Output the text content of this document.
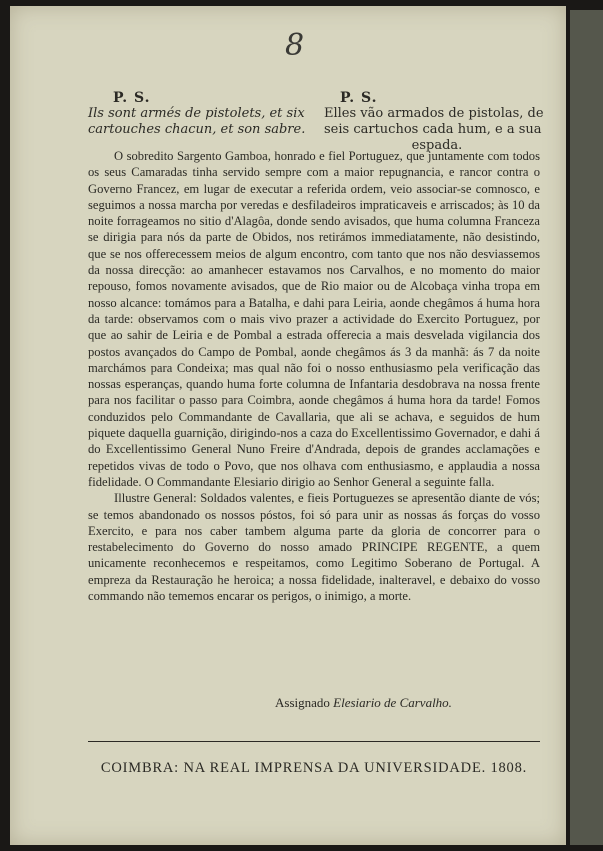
8
P. S.	P. S.
Ils sont armés de pistolets, et six cartouches chacun, et son sabre.
Elles vão armados de pistolas, de seis cartuchos cada hum, e a sua
espada.

O sobredito Sargento Gamboa, honrado e fiel Portuguez, que juntamente com todos os seus Camaradas tinha servido sempre com a maior repugnancia, e rancor contra o Governo Francez, em lugar de executar a referida ordem, veio associar-se comnosco, e seguimos a nossa marcha por veredas e desfiladeiros impraticaveis e arriscados; às 10 da noite forrageamos no sitio d'Alagôa, donde sendo avisados, que huma columna Franceza se dirigia para nós da parte de Obidos, nos retirámos immediatamente, não desistindo, que se nos offerecessem meios de algum encontro, com tanto que nos não desviassemos da nossa direcção: ao amanhecer estavamos nos Carvalhos, e no momento do maior repouso, fomos novamente avisados, que de Rio maior ou de Alcobaça vinha tropa em nosso alcance: tomámos para a Batalha, e dahi para Leiria, aonde chegâmos á huma hora da tarde: observamos com o mais vivo prazer a actividade do Exercito Portuguez, por que ao sahir de Leiria e de Pombal a estrada offerecia a mais desvelada vigilancia dos postos avançados do Campo de Pombal, aonde chegâmos ás 3 da manhã: ás 7 da noite marchámos para Condeixa; mas qual não foi o nosso enthusiasmo pela verificação das nossas esperanças, quando huma forte columna de Infantaria desdobrava na nossa frente para nos facilitar o passo para Coimbra, aonde chegâmos á huma hora da tarde! Fomos conduzidos pelo Commandante de Cavallaria, que ali se achava, e seguidos de hum piquete daquella guarnição, dirigindo-nos a caza do Excellentissimo Governador, e dahi á do Excellentissimo General Nuno Freire d'Andrada, depois de grandes acclamações e repetidos vivas de todo o Povo, que nos olhava com enthusiasmo, e applaudia a nossa fidelidade. O Commandante Elesiario dirigio ao Senhor General a seguinte falla.

Illustre General: Soldados valentes, e fieis Portuguezes se apresentão diante de vós; se temos abandonado os nossos póstos, foi só para unir as nossas ás forças do vosso Exercito, e para nos caber tambem alguma parte da gloria de concorrer para o restabelecimento do Governo do nosso amado PRINCIPE REGENTE, a quem unicamente reconhecemos e respeitamos, como Legitimo Soberano de Portugal. A empreza da Restauração he heroica; a nossa fidelidade, inalteravel, e debaixo do vosso commando não tememos encarar os perigos, o inimigo, a morte.

Assignado Elesiario de Carvalho.
COIMBRA: NA REAL IMPRENSA DA UNIVERSIDADE. 1808.
